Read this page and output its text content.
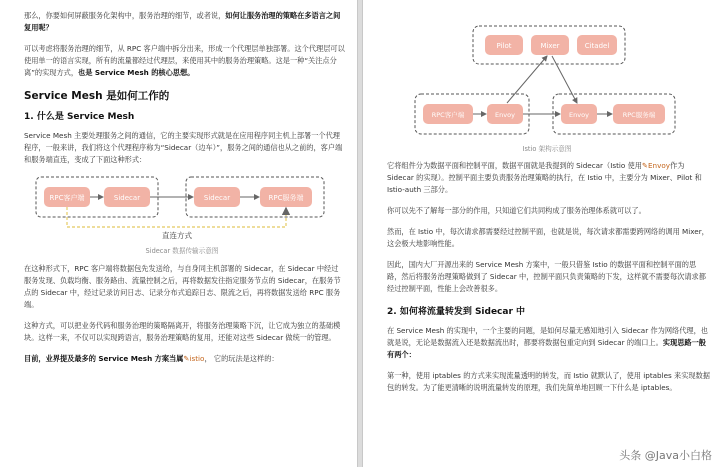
那么，你要如何屏蔽服务化架构中，服务治理的细节，或者说，如何让服务治理的策略在多语言之间复用呢？

可以考虑将服务治理的细节，从 RPC 客户端中拆分出来，形成一个代理层单独部署。这个代理层可以使用单一的语言实现，所有的流量都经过代理层，来使用其中的服务治理策略。这是一种“关注点分离”的实现方式，也是 Service Mesh 的核心思想。

Service Mesh 是如何工作的
1. 什么是 Service Mesh

Service Mesh 主要处理服务之间的通信，它的主要实现形式就是在应用程序同主机上部署一个代理程序，一般来讲，我们将这个代理程序称为“Sidecar（边车）”，服务之间的通信也从之前的，客户端和服务端直连，变成了下面这种形式：

RPC客户端	Sidecar	Sidecar	RPC服务端
直连方式
Sidecar 数据传输示意图

在这种形式下，RPC 客户端将数据包先发送给，与自身同主机部署的 Sidecar，在 Sidecar 中经过服务发现、负载均衡、服务路由、流量控制之后，再将数据发往指定服务节点的 Sidecar，在服务节点的 Sidecar 中，经过记录访问日志、记录分布式追踪日志、限流之后，再将数据发送给 RPC 服务端。

这种方式，可以把业务代码和服务治理的策略隔离开，将服务治理策略下沉，让它成为独立的基础模块。这样一来，不仅可以实现跨语言，服务治理策略的复用，还能对这些 Sidecar 做统一的管理。

目前，业界提及最多的 Service Mesh 方案当属✎istio， 它的玩法是这样的：

Pilot	Mixer	Citadel
RPC客户端	Envoy	Envoy	RPC服务端
Istio 架构示意图

它将组件分为数据平面和控制平面，数据平面就是我提到的 Sidecar（Istio 使用✎Envoy作为 Sidecar 的实现）。控制平面主要负责服务治理策略的执行，在 Istio 中，主要分为 Mixer、Pilot 和 Istio-auth 三部分。

你可以先不了解每一部分的作用，只知道它们共同构成了服务治理体系就可以了。

然而，在 Istio 中，每次请求都需要经过控制平面，也就是说，每次请求都需要跨网络的调用 Mixer，这会极大地影响性能。

因此，国内大厂开源出来的 Service Mesh 方案中，一般只借鉴 Istio 的数据平面和控制平面的思路，然后将服务治理策略做到了 Sidecar 中，控制平面只负责策略的下发，这样就不需要每次请求都经过控制平面，性能上会改善很多。

2. 如何将流量转发到 Sidecar 中

在 Service Mesh 的实现中，一个主要的问题，是如何尽量无感知地引入 Sidecar 作为网络代理，也就是说，无论是数据流入还是数据流出时，都要将数据包重定向到 Sidecar 的端口上。实现思路一般有两个：

第一种，使用 iptables 的方式来实现流量透明的转发，而 Istio 就默认了，使用 iptables 来实现数据包的转发。为了能更清晰的说明流量转发的原理，我们先简单地回顾一下什么是 iptables。

头条 @Java小白格
